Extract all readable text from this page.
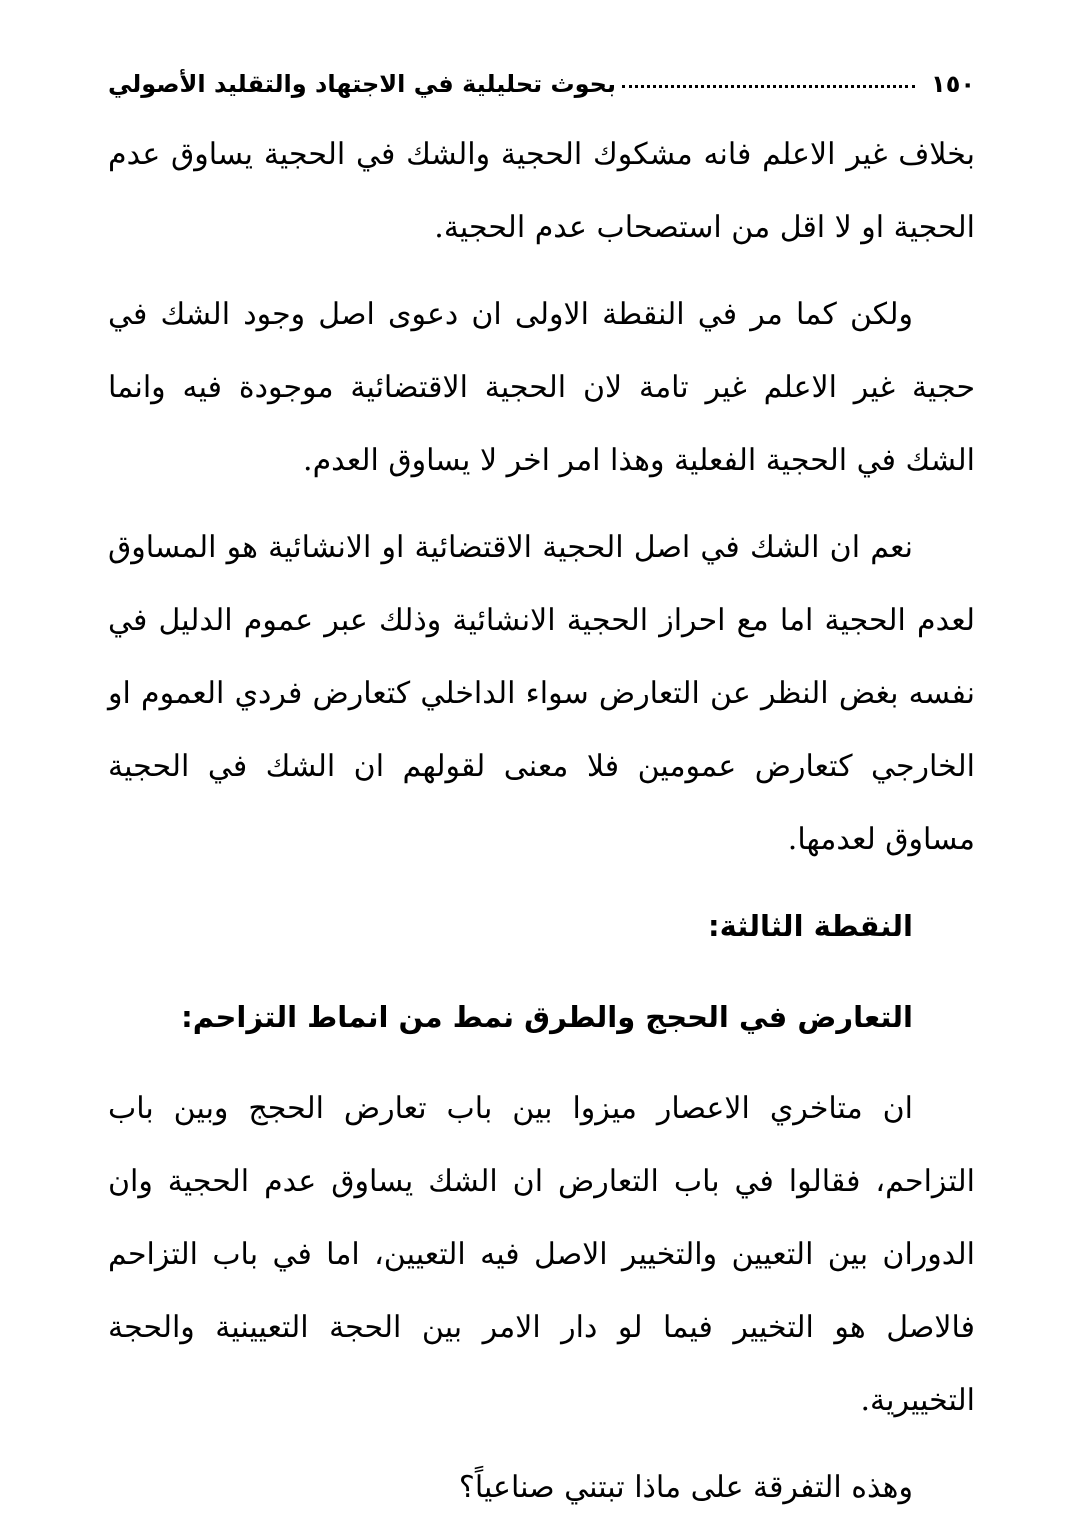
١٥٠
بحوث تحليلية في الاجتهاد والتقليد الأصولي

بخلاف غير الاعلم فانه مشكوك الحجية والشك في الحجية يساوق عدم الحجية او لا اقل من استصحاب عدم الحجية.

ولكن كما مر في النقطة الاولى ان دعوى اصل وجود الشك في حجية غير الاعلم غير تامة لان الحجية الاقتضائية موجودة فيه وانما الشك في الحجية الفعلية وهذا امر اخر لا يساوق العدم.

نعم ان الشك في اصل الحجية الاقتضائية او الانشائية هو المساوق لعدم الحجية اما مع احراز الحجية الانشائية وذلك عبر عموم الدليل في نفسه بغض النظر عن التعارض سواء الداخلي كتعارض فردي العموم او الخارجي كتعارض عمومين فلا معنى لقولهم ان الشك في الحجية مساوق لعدمها.

النقطة الثالثة:

التعارض في الحجج والطرق نمط من انماط التزاحم:

ان متاخري الاعصار ميزوا بين باب تعارض الحجج وبين باب التزاحم، فقالوا في باب التعارض ان الشك يساوق عدم الحجية وان الدوران بين التعيين والتخيير الاصل فيه التعيين، اما في باب التزاحم فالاصل هو التخيير فيما لو دار الامر بين الحجة التعيينية والحجة التخييرية.

وهذه التفرقة على ماذا تبتني صناعياً؟
